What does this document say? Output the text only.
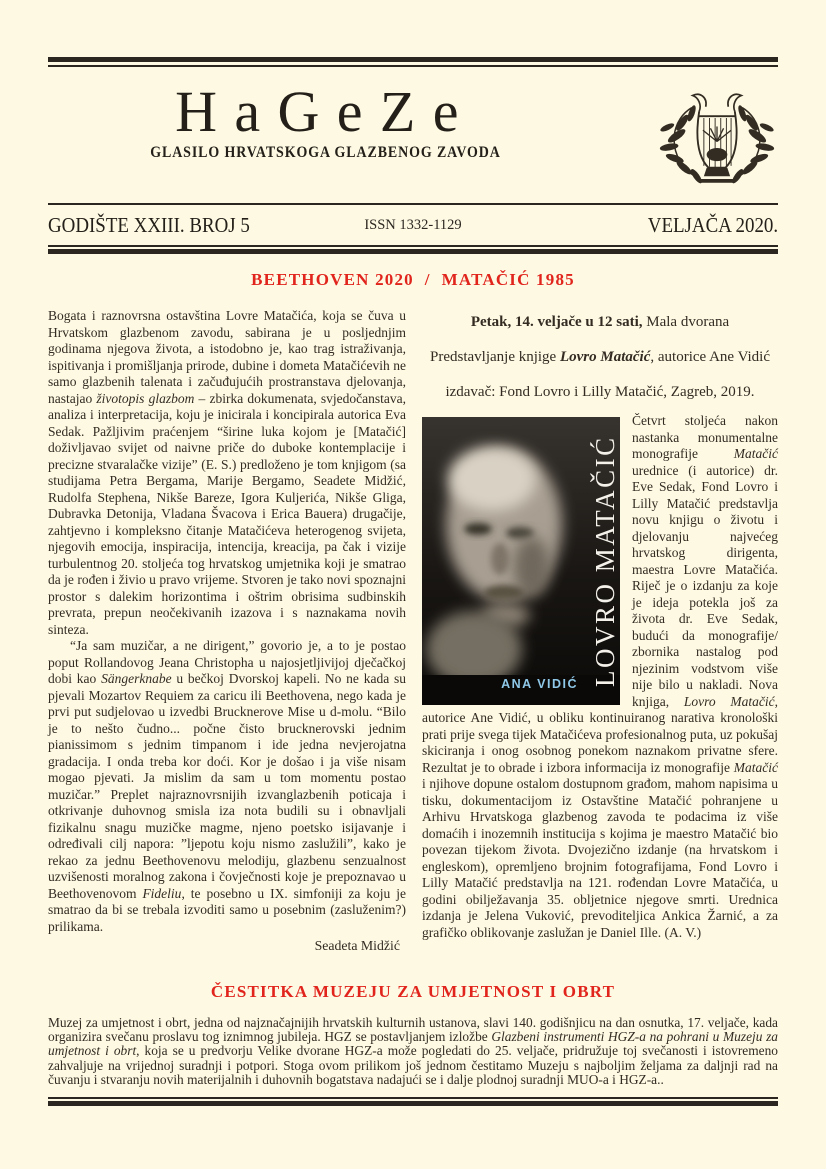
HaGeZe
GLASILO HRVATSKOGA GLAZBENOG ZAVODA
GODIŠTE XXIII. BROJ 5	ISSN 1332-1129	VELJAČA 2020.
BEETHOVEN 2020  /  MATAČIĆ 1985

Bogata i raznovrsna ostavština Lovre Matačića, koja se čuva u Hrvatskom glazbenom zavodu, sabirana je u posljednjim godinama njegova života, a istodobno je, kao trag istraživanja, ispitivanja i promišljanja prirode, dubine i dometa Matačićevih ne samo glazbenih talenata i začuđujućih prostranstava djelovanja, nastajao životopis glazbom – zbirka dokumenata, svjedočanstava, analiza i interpretacija, koju je inicirala i koncipirala autorica Eva Sedak. Pažljivim praćenjem “širine luka kojom je [Matačić] doživljavao svijet od naivne priče do duboke kontemplacije i precizne stvaralačke vizije” (E. S.) predloženo je tom knjigom (sa studijama Petra Bergama, Marije Bergamo, Seadete Midžić, Rudolfa Stephena, Nikše Bareze, Igora Kuljerića, Nikše Gliga, Dubravka Detonija, Vladana Švacova i Erica Bauera) drugačije, zahtjevno i kompleksno čitanje Matačićeva heterogenog svijeta, njegovih emocija, inspiracija, intencija, kreacija, pa čak i vizije turbulentnog 20. stoljeća tog hrvatskog umjetnika koji je smatrao da je rođen i živio u pravo vrijeme. Stvoren je tako novi spoznajni prostor s dalekim horizontima i oštrim obrisima sudbinskih prevrata, prepun neočekivanih izazova i s naznakama novih sinteza.

“Ja sam muzičar, a ne dirigent,” govorio je, a to je postao poput Rollandovog Jeana Christopha u najosjetljivijoj dječačkoj dobi kao Sängerknabe u bečkoj Dvorskoj kapeli. No ne kada su pjevali Mozartov Requiem za caricu ili Beethovena, nego kada je prvi put sudjelovao u izvedbi Brucknerove Mise u d-molu. “Bilo je to nešto čudno... počne čisto brucknerovski jednim pianissimom s jednim timpanom i ide jedna nevjerojatna gradacija. I onda treba kor doći. Kor je došao i ja više nisam mogao pjevati. Ja mislim da sam u tom momentu postao muzičar.” Preplet najraznovrsnijih izvanglazbenih poticaja i otkrivanje duhovnog smisla iza nota budili su i obnavljali fizikalnu snagu muzičke magme, njeno poetsko isijavanje i određivali cilj napora: ”ljepotu koju nismo zaslužili”, kako je rekao za jednu Beethovenovu melodiju, glazbenu senzualnost uzvišenosti moralnog zakona i čovječnosti koje je prepoznavao u Beethovenovom Fideliu, te posebno u IX. simfoniji za koju je smatrao da bi se trebala izvoditi samo u posebnim (zasluženim?) prilikama.

Seadeta Midžić
Petak, 14. veljače u 12 sati, Mala dvorana
Predstavljanje knjige Lovro Matačić, autorice Ane Vidić
izdavač: Fond Lovro i Lilly Matačić, Zagreb, 2019.

LOVRO MATAČIĆ
ANA VIDIĆ
Četvrt stoljeća nakon nastanka monumentalne monografije Matačić urednice (i autorice) dr. Eve Sedak, Fond Lovro i Lilly Matačić predstavlja novu knjigu o životu i djelovanju najvećeg hrvatskog dirigenta, maestra Lovre Matačića. Riječ je o izdanju za koje je ideja potekla još za života dr. Eve Sedak, budući da monografije/ zbornika nastalog pod njezinim vodstvom više nije bilo u nakladi. Nova knjiga, Lovro Matačić, autorice Ane Vidić, u obliku kontinuiranog narativa kronološki prati prije svega tijek Matačićeva profesionalnog puta, uz pokušaj skiciranja i onog osobnog ponekom naznakom privatne sfere. Rezultat je to obrade i izbora informacija iz monografije Matačić i njihove dopune ostalom dostupnom građom, mahom napisima u tisku, dokumentacijom iz Ostavštine Matačić pohranjene u Arhivu Hrvatskoga glazbenog zavoda te podacima iz više domaćih i inozemnih institucija s kojima je maestro Matačić bio povezan tijekom života. Dvojezično izdanje (na hrvatskom i engleskom), opremljeno brojnim fotografijama, Fond Lovro i Lilly Matačić predstavlja na 121. rođendan Lovre Matačića, u godini obilježavanja 35. obljetnice njegove smrti. Urednica izdanja je Jelena Vuković, prevoditeljica Ankica Žarnić, a za grafičko oblikovanje zaslužan je Daniel Ille. (A. V.)

ČESTITKA MUZEJU ZA UMJETNOST I OBRT

Muzej za umjetnost i obrt, jedna od najznačajnijih hrvatskih kulturnih ustanova, slavi 140. godišnjicu na dan osnutka, 17. veljače, kada organizira svečanu proslavu tog iznimnog jubileja. HGZ se postavljanjem izložbe Glazbeni instrumenti HGZ-a na pohrani u Muzeju za umjetnost i obrt, koja se u predvorju Velike dvorane HGZ-a može pogledati do 25. veljače, pridružuje toj svečanosti i istovremeno zahvaljuje na vrijednoj suradnji i potpori. Stoga ovom prilikom još jednom čestitamo Muzeju s najboljim željama za daljnji rad na čuvanju i stvaranju novih materijalnih i duhovnih bogatstava nadajući se i dalje plodnoj suradnji MUO-a i HGZ-a..
